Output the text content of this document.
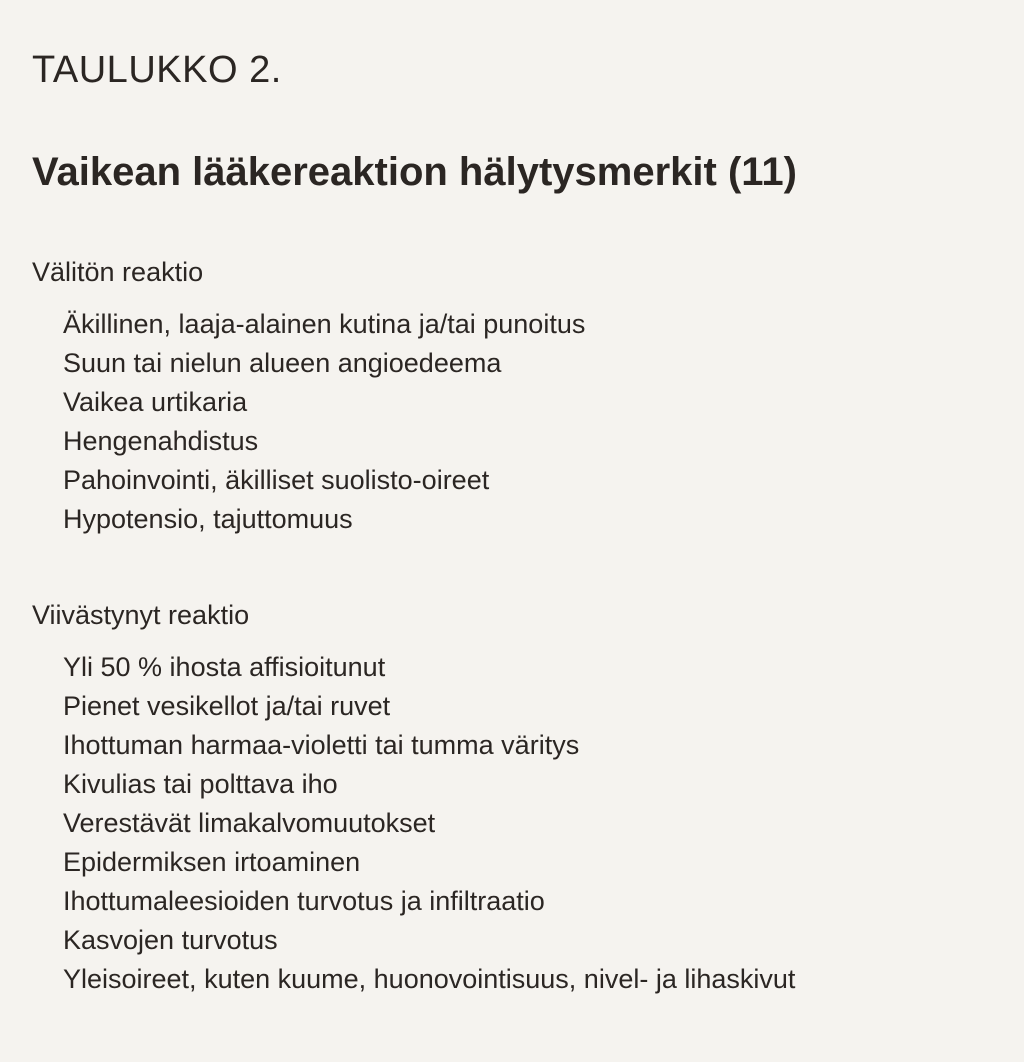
TAULUKKO 2.
Vaikean lääkereaktion hälytysmerkit (11)
Välitön reaktio
Äkillinen, laaja-alainen kutina ja/tai punoitus
Suun tai nielun alueen angioedeema
Vaikea urtikaria
Hengenahdistus
Pahoinvointi, äkilliset suolisto-oireet
Hypotensio, tajuttomuus
Viivästynyt reaktio
Yli 50 % ihosta affisioitunut
Pienet vesikellot ja/tai ruvet
Ihottuman harmaa-violetti tai tumma väritys
Kivulias tai polttava iho
Verestävät limakalvomuutokset
Epidermiksen irtoaminen
Ihottumaleesioiden turvotus ja infiltraatio
Kasvojen turvotus
Yleisoireet, kuten kuume, huonovointisuus, nivel- ja lihaskivut
